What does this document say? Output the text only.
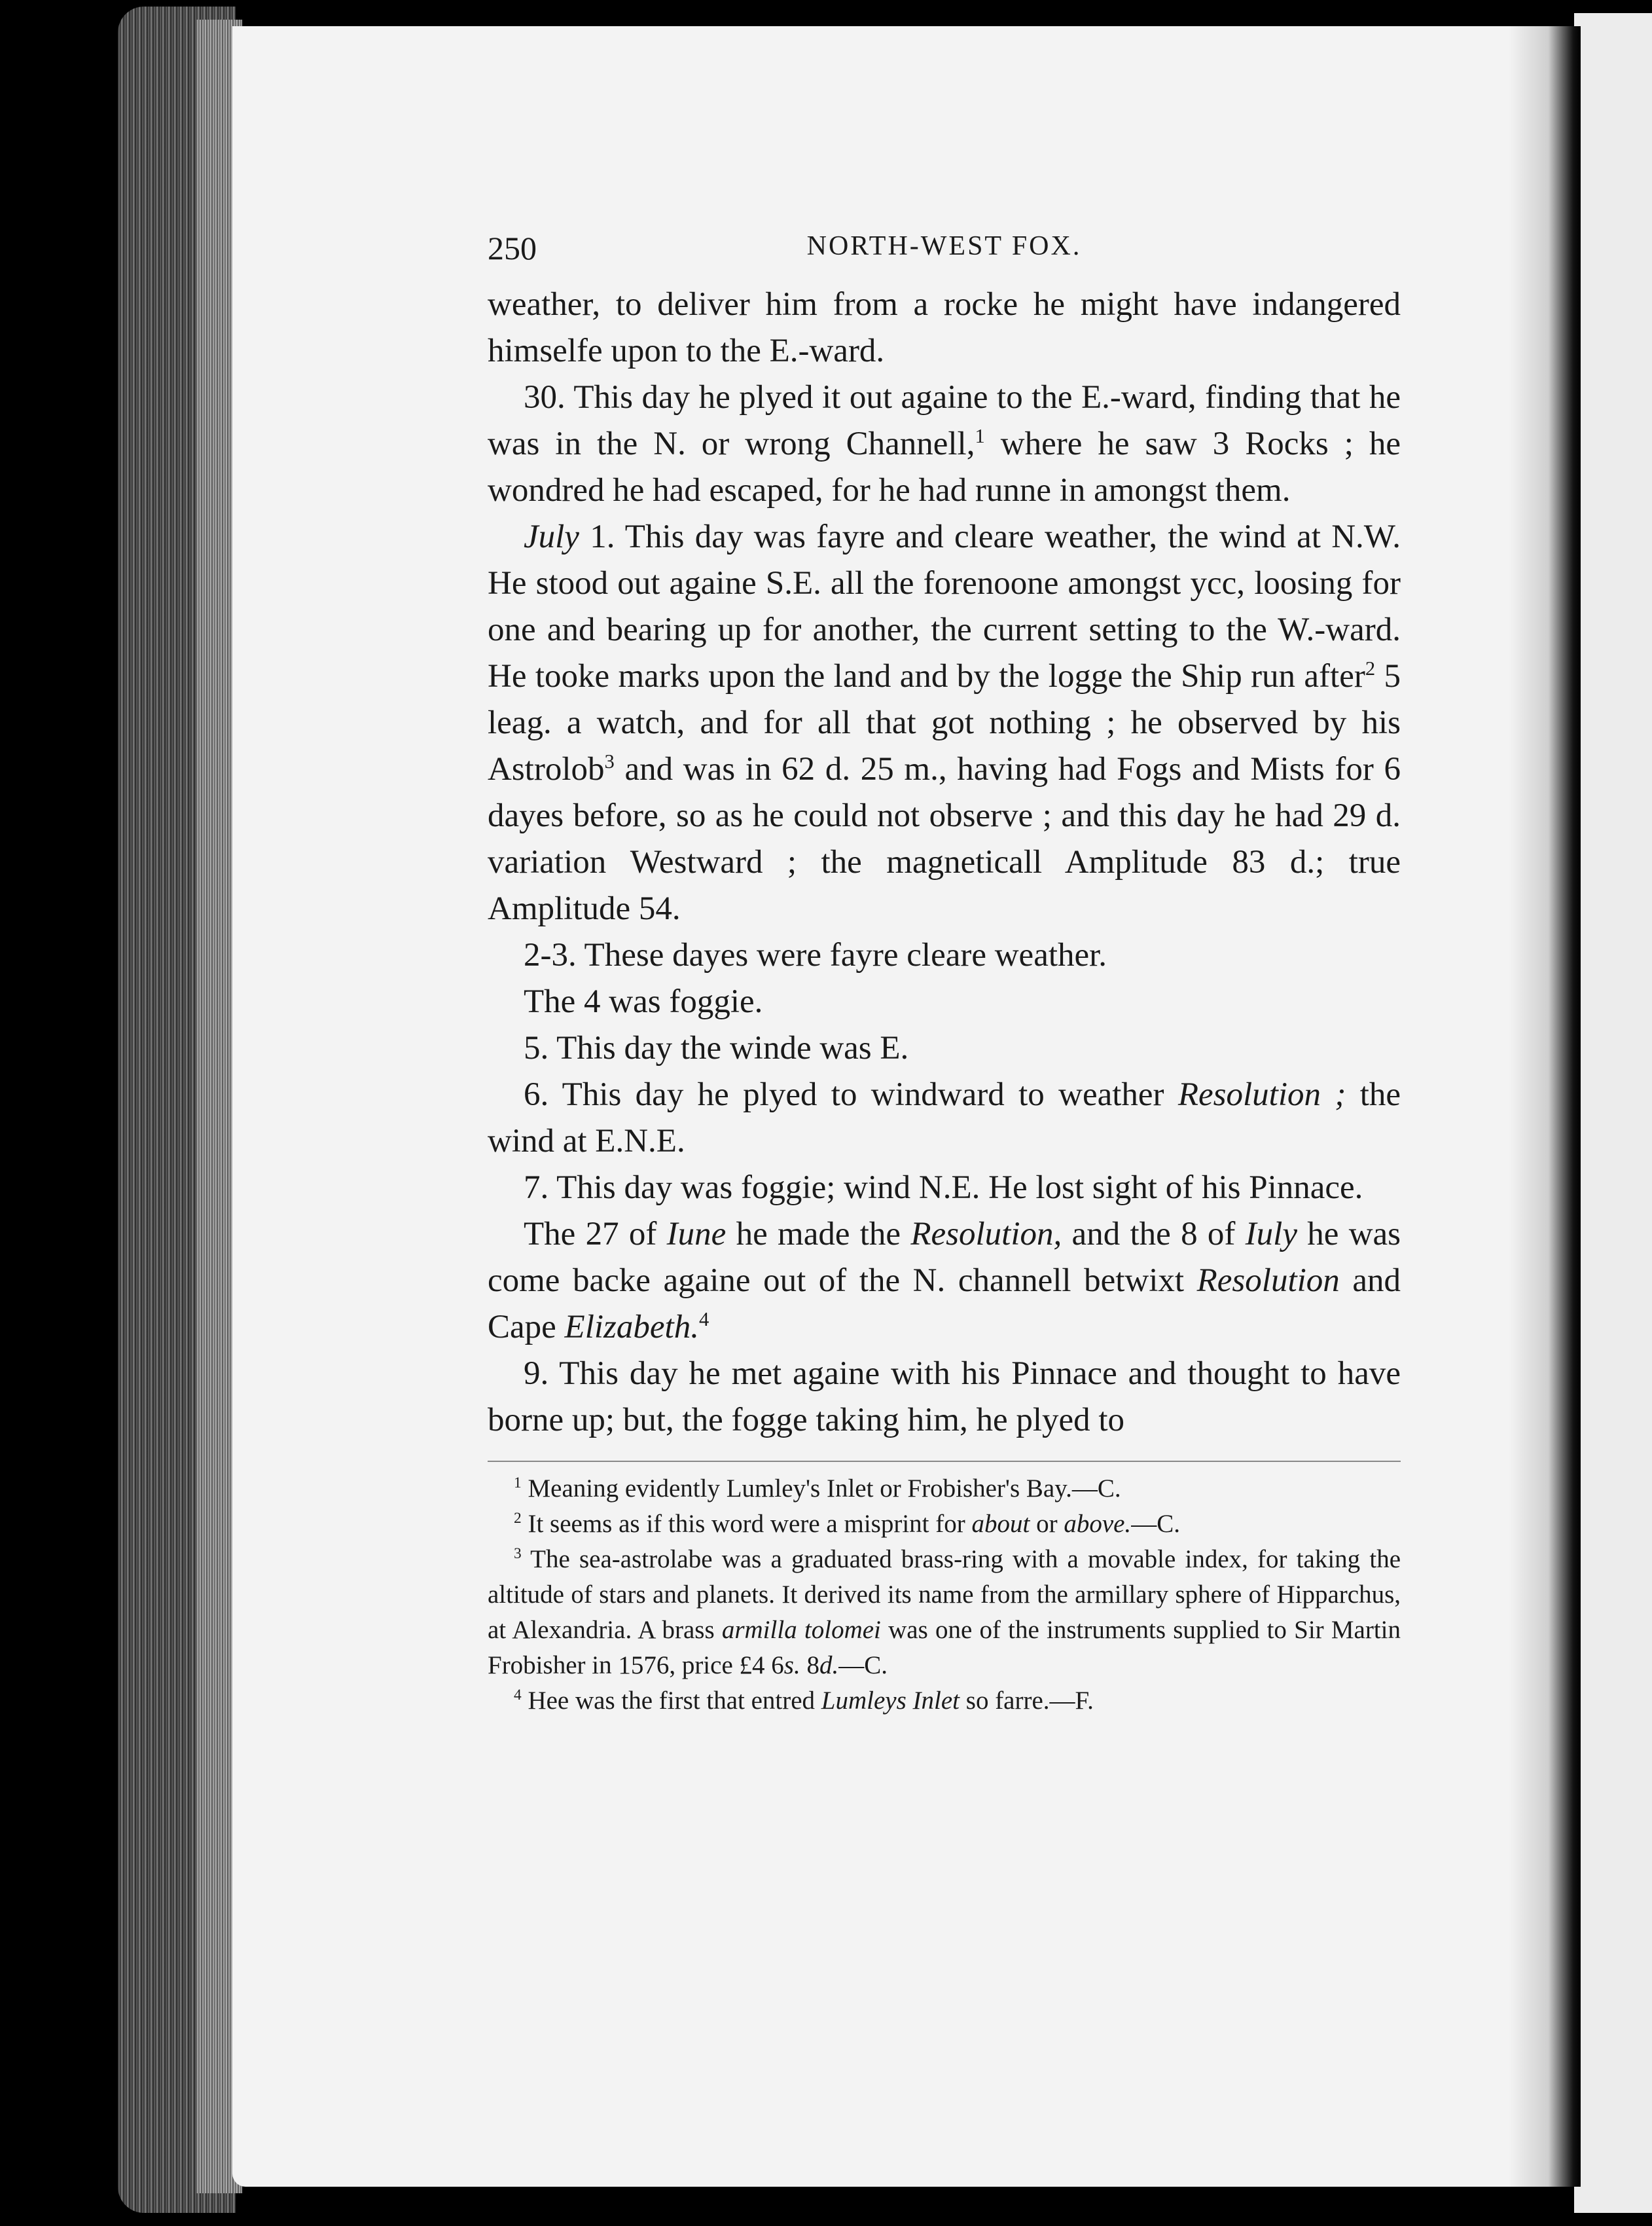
250	NORTH-WEST FOX.

weather, to deliver him from a rocke he might have indangered himselfe upon to the E.-ward.

30. This day he plyed it out againe to the E.-ward, finding that he was in the N. or wrong Channell,$^1$ where he saw 3 Rocks ; he wondred he had escaped, for he had runne in amongst them.

July 1. This day was fayre and cleare weather, the wind at N.W. He stood out againe S.E. all the forenoone amongst ycc, loosing for one and bearing up for another, the current setting to the W.-ward. He tooke marks upon the land and by the logge the Ship run after$^2$ 5 leag. a watch, and for all that got nothing ; he observed by his Astrolob$^3$ and was in 62 d. 25 m., having had Fogs and Mists for 6 dayes before, so as he could not observe ; and this day he had 29 d. variation Westward ; the magneticall Amplitude 83 d.; true Amplitude 54.

2-3. These dayes were fayre cleare weather.

The 4 was foggie.

5. This day the winde was E.

6. This day he plyed to windward to weather Resolution ; the wind at E.N.E.

7. This day was foggie; wind N.E. He lost sight of his Pinnace.

The 27 of Iune he made the Resolution, and the 8 of Iuly he was come backe againe out of the N. channell betwixt Resolution and Cape Elizabeth.$^4$

9. This day he met againe with his Pinnace and thought to have borne up; but, the fogge taking him, he plyed to

$^1$ Meaning evidently Lumley's Inlet or Frobisher's Bay.—C.

$^2$ It seems as if this word were a misprint for about or above.—C.

$^3$ The sea-astrolabe was a graduated brass-ring with a movable index, for taking the altitude of stars and planets. It derived its name from the armillary sphere of Hipparchus, at Alexandria. A brass armilla tolomei was one of the instruments supplied to Sir Martin Frobisher in 1576, price £4 6s. 8d.—C.

$^4$ Hee was the first that entred Lumleys Inlet so farre.—F.
